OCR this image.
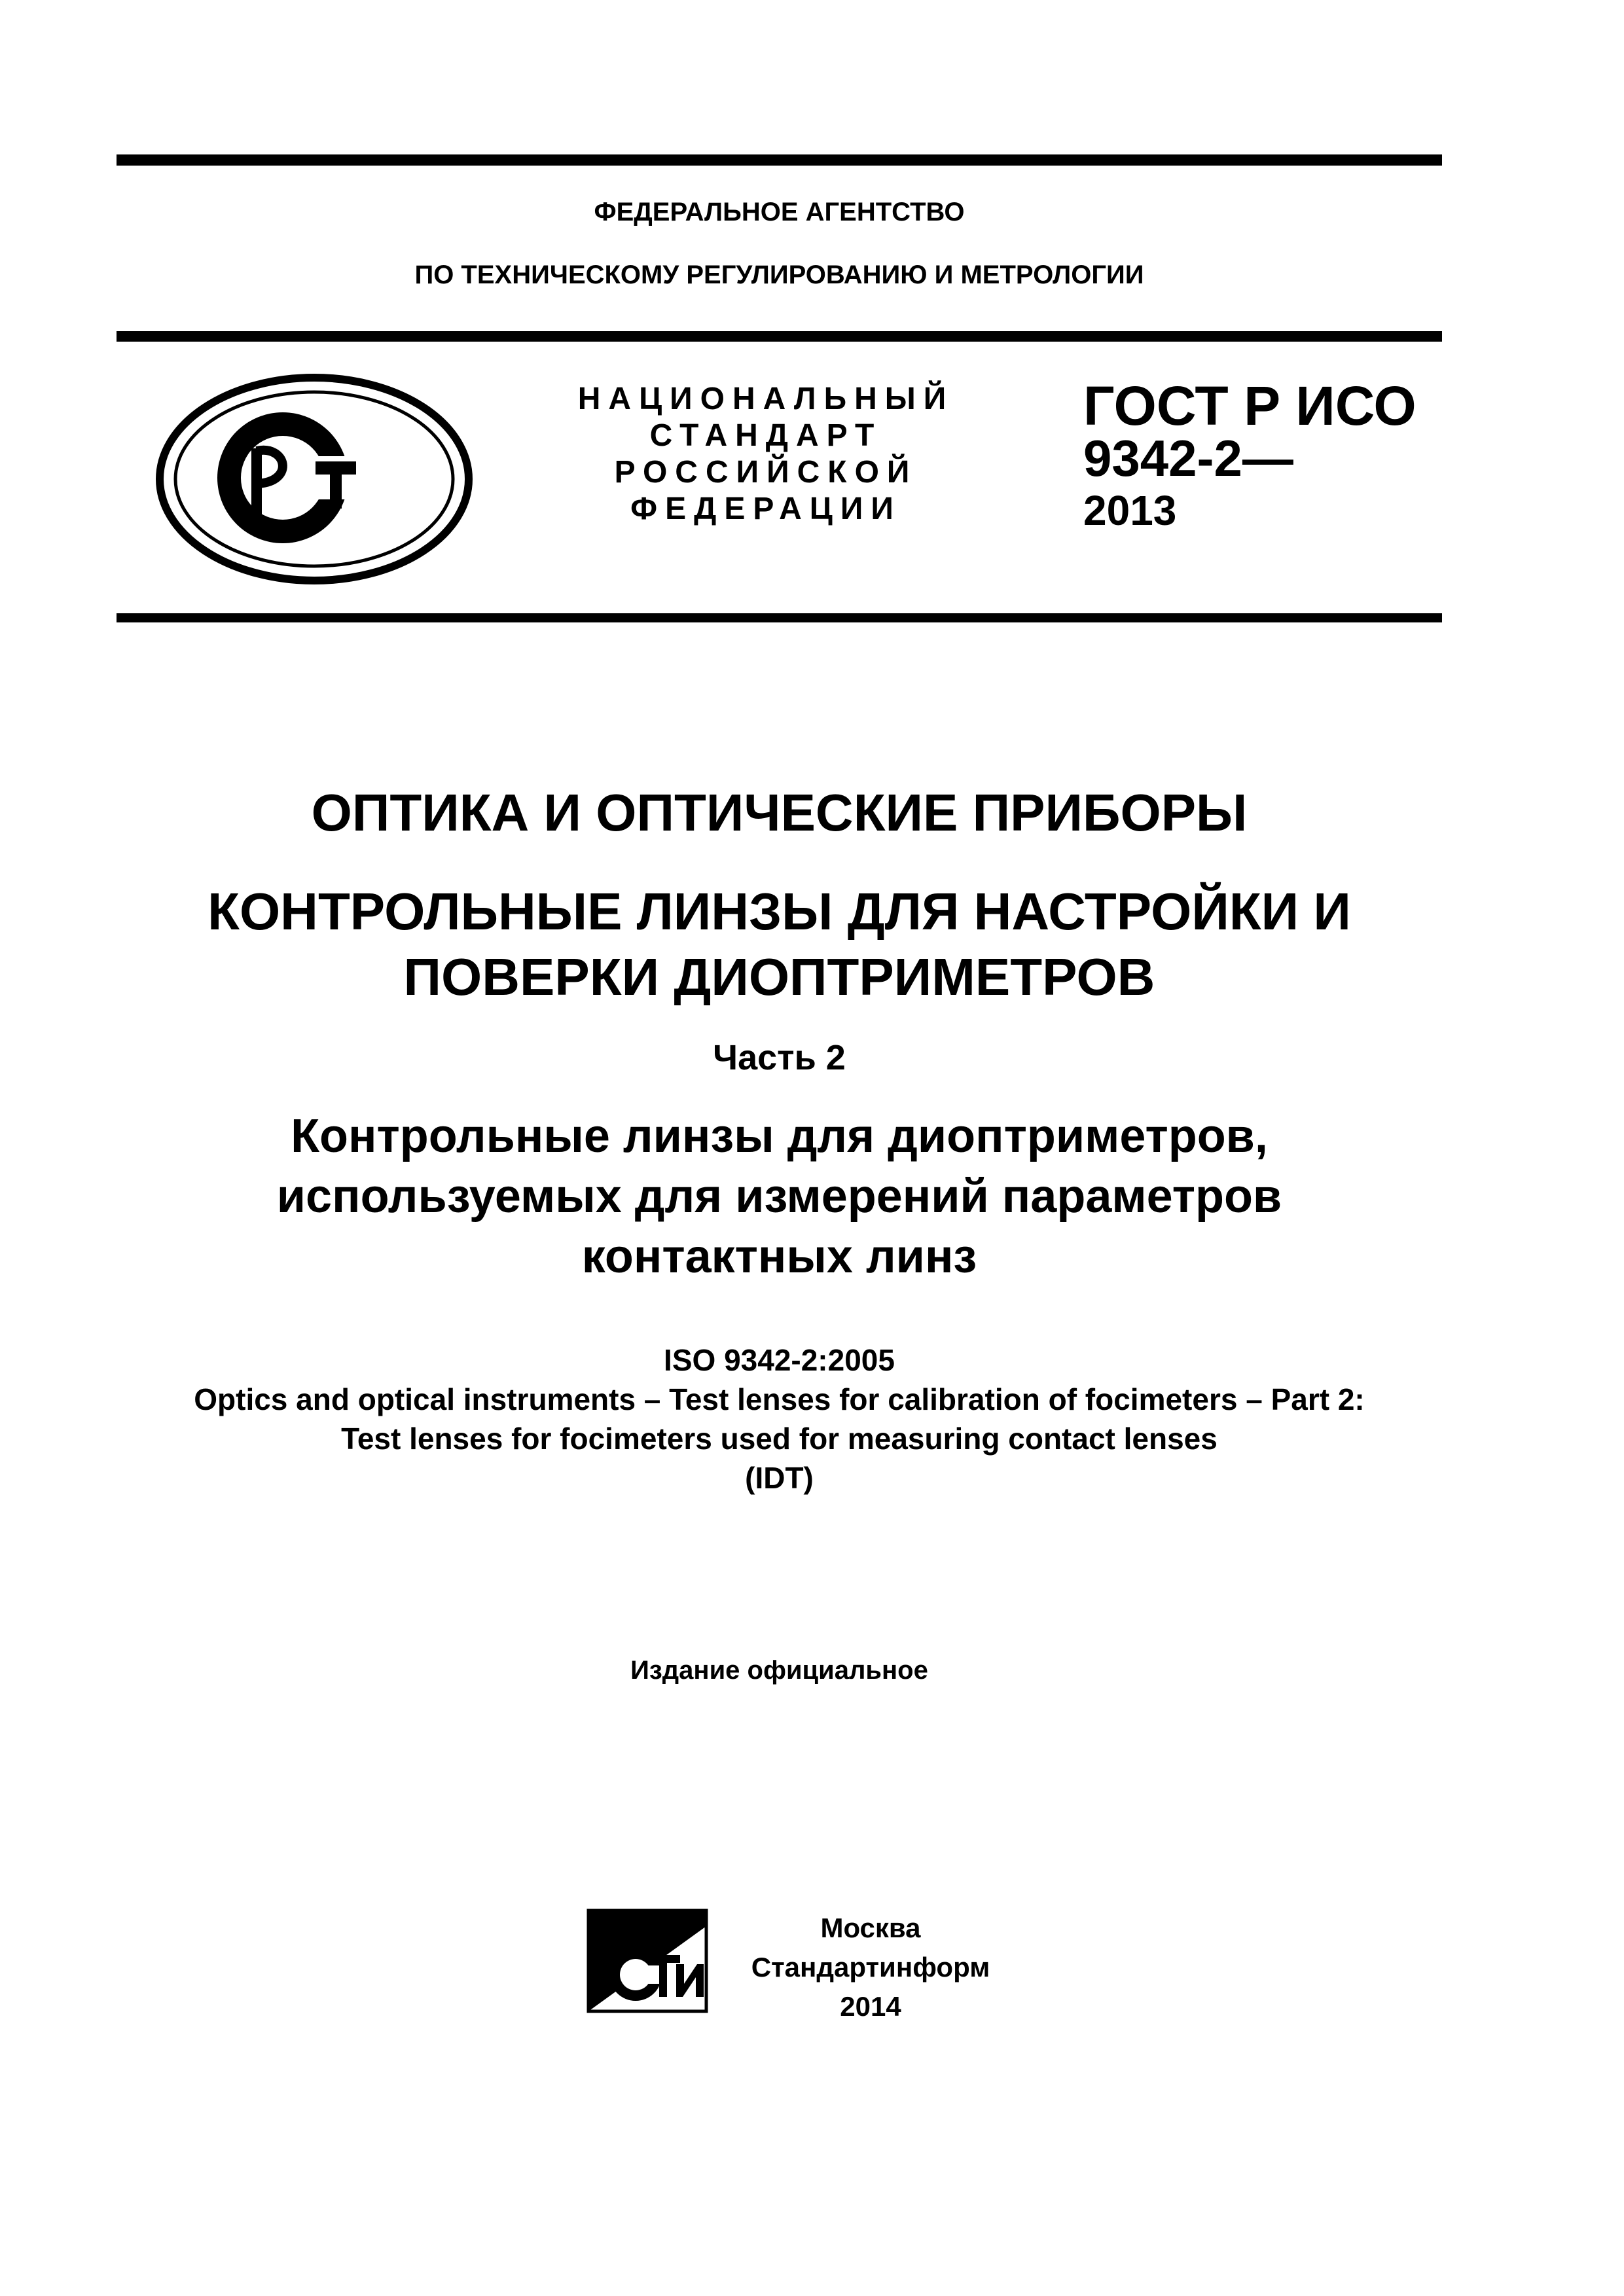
ФЕДЕРАЛЬНОЕ АГЕНТСТВО
ПО ТЕХНИЧЕСКОМУ РЕГУЛИРОВАНИЮ И МЕТРОЛОГИИ
НАЦИОНАЛЬНЫЙ
СТАНДАРТ
РОССИЙСКОЙ
ФЕДЕРАЦИИ
ГОСТ Р ИСО
9342-2—
2013
ОПТИКА И ОПТИЧЕСКИЕ ПРИБОРЫ
КОНТРОЛЬНЫЕ ЛИНЗЫ ДЛЯ НАСТРОЙКИ И
ПОВЕРКИ ДИОПТРИМЕТРОВ
Часть 2
Контрольные линзы для диоптриметров,
используемых для измерений параметров
контактных линз
ISO 9342-2:2005
Optics and optical instruments – Test lenses for calibration of focimeters – Part 2:
Test lenses for focimeters used for measuring contact lenses
(IDT)
Издание официальное
Москва
Стандартинформ
2014
